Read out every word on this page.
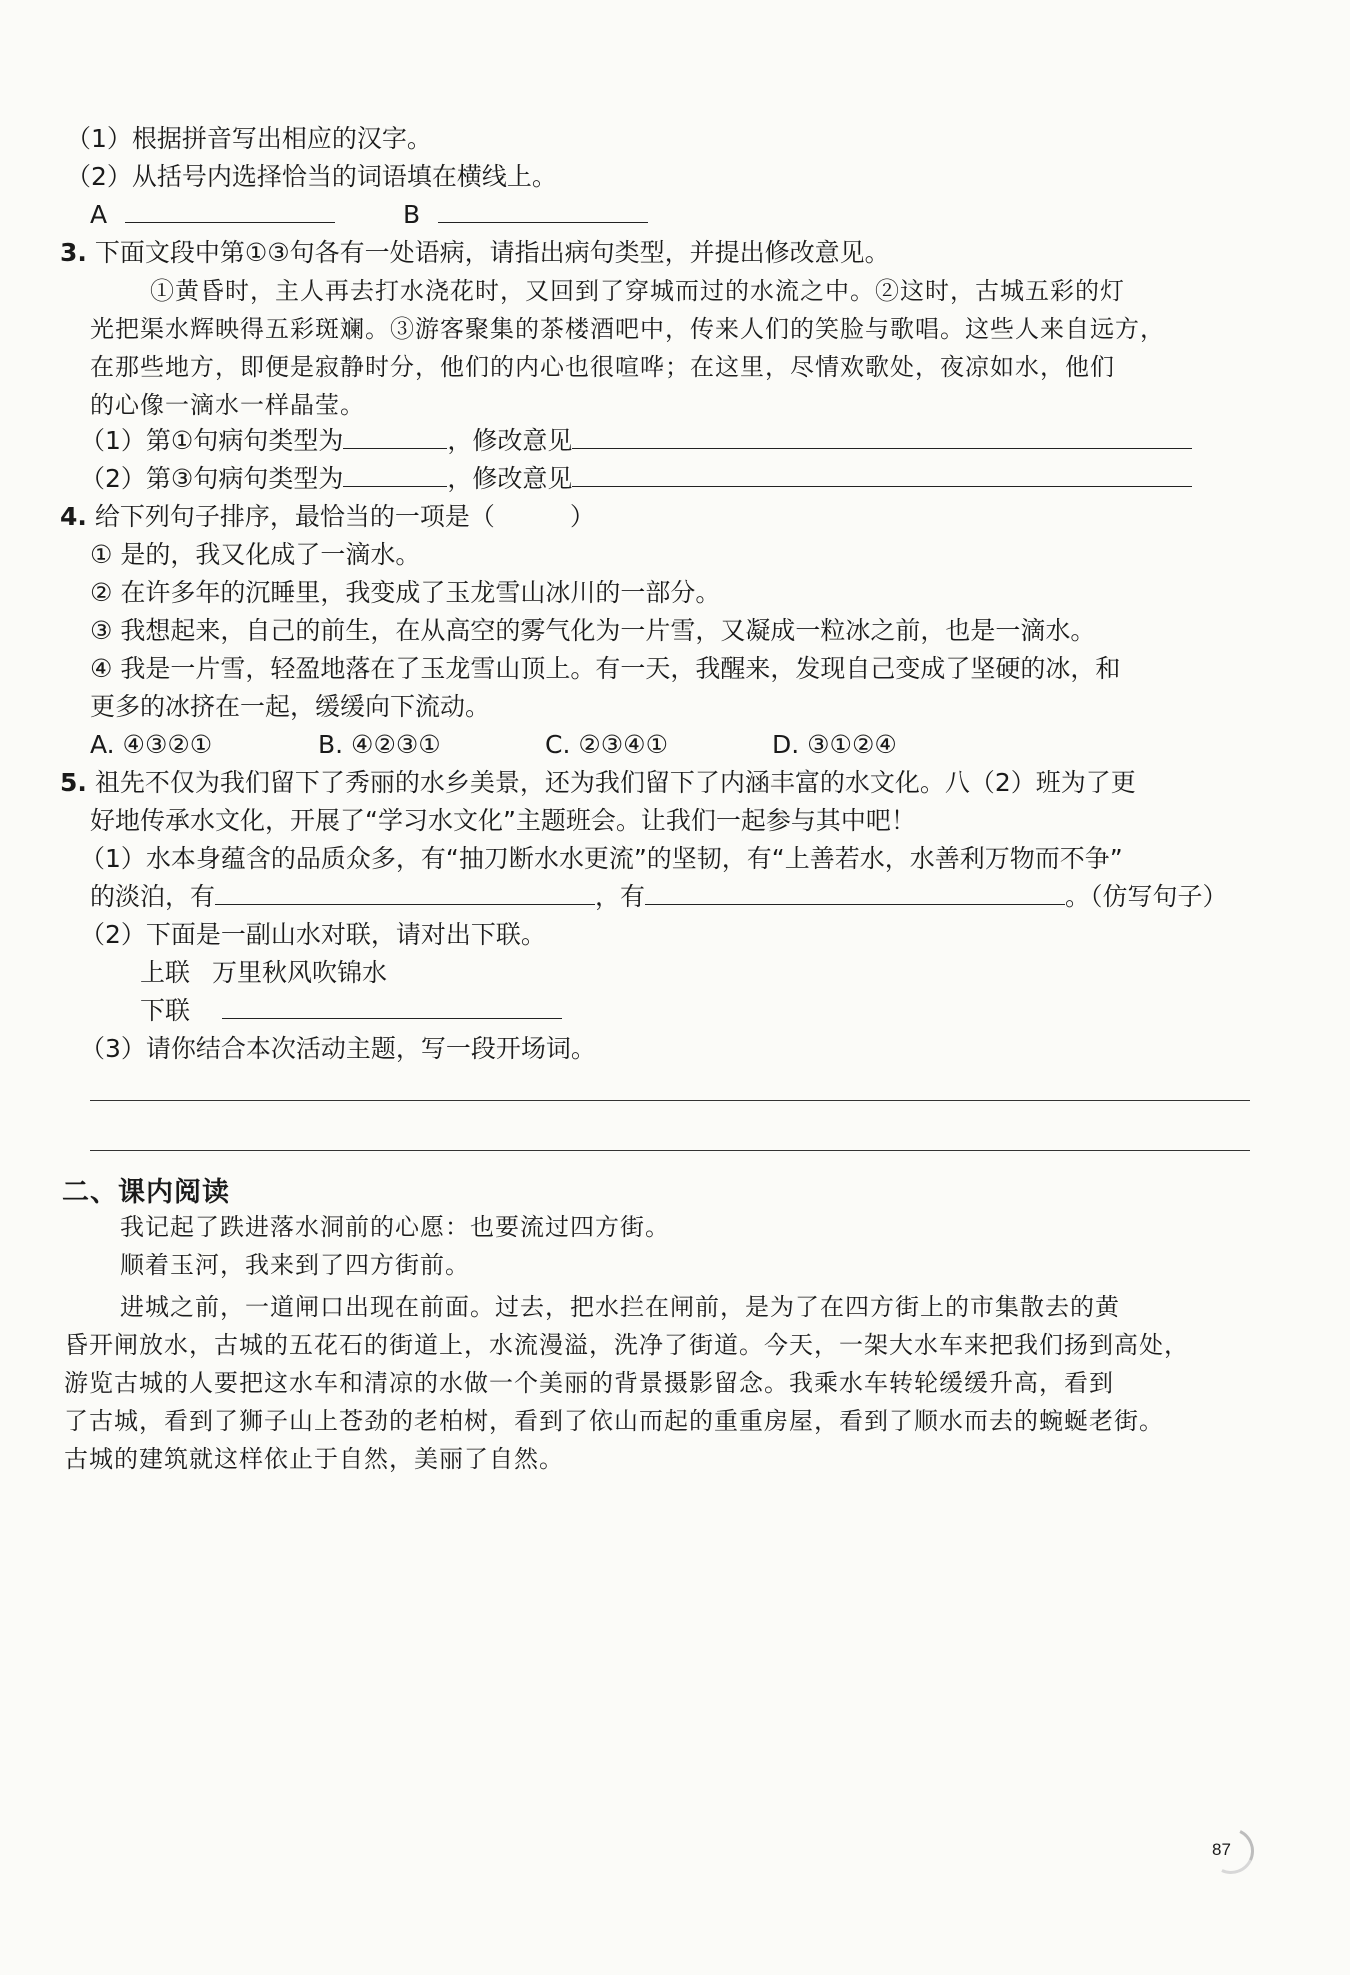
（1）根据拼音写出相应的汉字。
（2）从括号内选择恰当的词语填在横线上。
A	B
3. 下面文段中第①③句各有一处语病，请指出病句类型，并提出修改意见。
①黄昏时，主人再去打水浇花时，又回到了穿城而过的水流之中。②这时，古城五彩的灯
光把渠水辉映得五彩斑斓。③游客聚集的茶楼酒吧中，传来人们的笑脸与歌唱。这些人来自远方，
在那些地方，即便是寂静时分，他们的内心也很喧哗；在这里，尽情欢歌处，夜凉如水，他们
的心像一滴水一样晶莹。
（1）第①句病句类型为	，修改意见
（2）第③句病句类型为	，修改意见
4. 给下列句子排序，最恰当的一项是（　　　）
① 是的，我又化成了一滴水。
② 在许多年的沉睡里，我变成了玉龙雪山冰川的一部分。
③ 我想起来，自己的前生，在从高空的雾气化为一片雪，又凝成一粒冰之前，也是一滴水。
④ 我是一片雪，轻盈地落在了玉龙雪山顶上。有一天，我醒来，发现自己变成了坚硬的冰，和
更多的冰挤在一起，缓缓向下流动。
A. ④③②①	B. ④②③①	C. ②③④①	D. ③①②④
5. 祖先不仅为我们留下了秀丽的水乡美景，还为我们留下了内涵丰富的水文化。八（2）班为了更
好地传承水文化，开展了“学习水文化”主题班会。让我们一起参与其中吧！
（1）水本身蕴含的品质众多，有“抽刀断水水更流”的坚韧，有“上善若水，水善利万物而不争”
的淡泊，有	，有	。（仿写句子）
（2）下面是一副山水对联，请对出下联。
上联 万里秋风吹锦水
下联
（3）请你结合本次活动主题，写一段开场词。
二、课内阅读
我记起了跌进落水洞前的心愿：也要流过四方街。
顺着玉河，我来到了四方街前。
进城之前，一道闸口出现在前面。过去，把水拦在闸前，是为了在四方街上的市集散去的黄
昏开闸放水，古城的五花石的街道上，水流漫溢，洗净了街道。今天，一架大水车来把我们扬到高处，
游览古城的人要把这水车和清凉的水做一个美丽的背景摄影留念。我乘水车转轮缓缓升高，看到
了古城，看到了狮子山上苍劲的老柏树，看到了依山而起的重重房屋，看到了顺水而去的蜿蜒老街。
古城的建筑就这样依止于自然，美丽了自然。
87
